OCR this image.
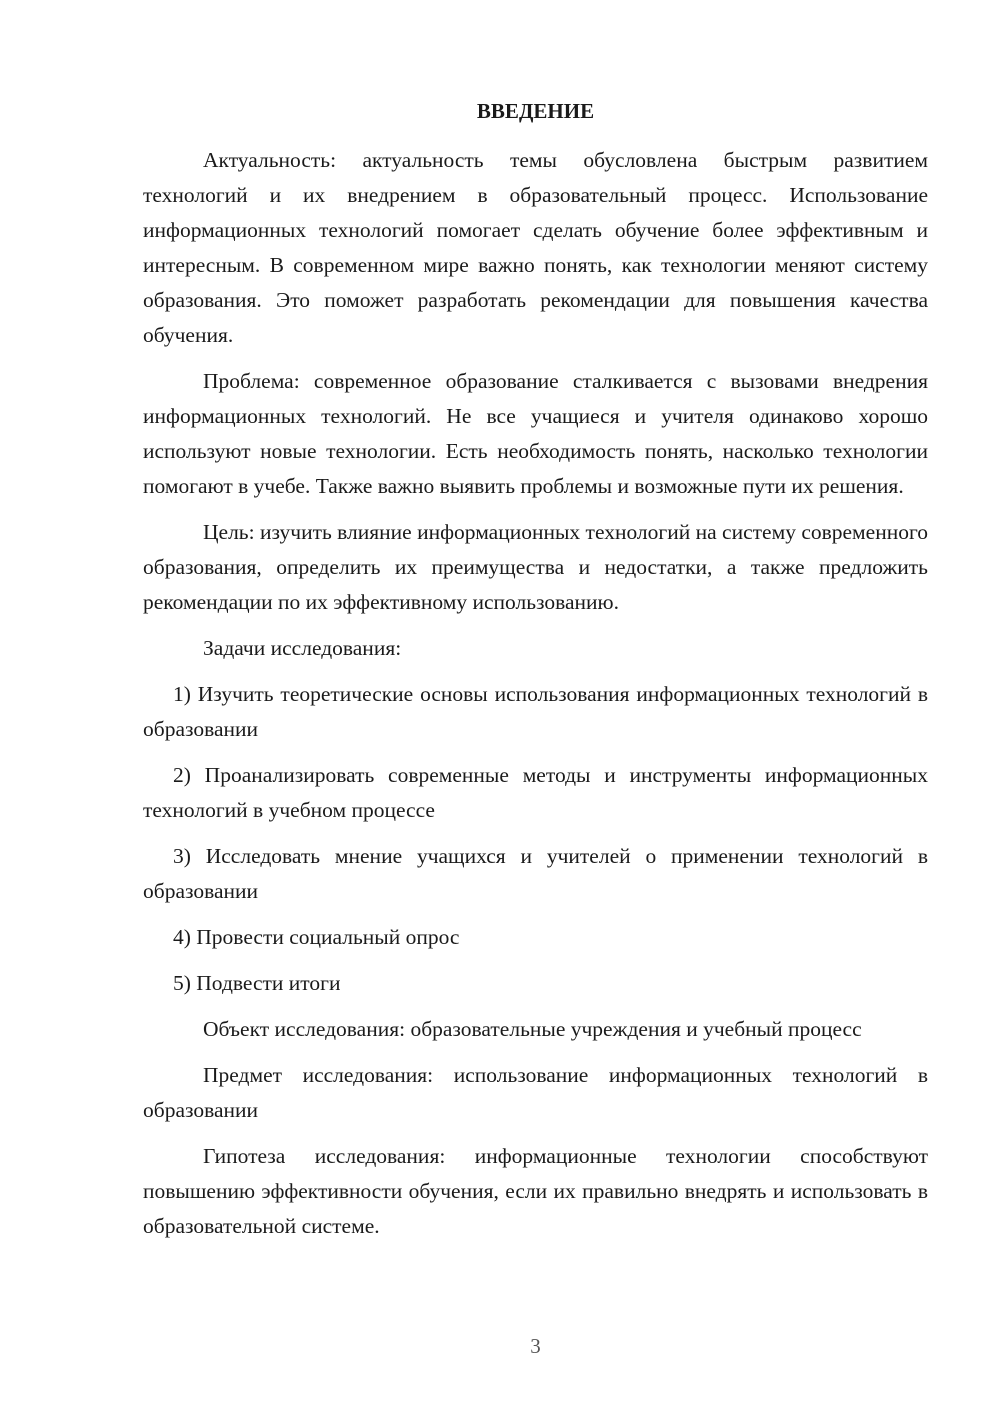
ВВЕДЕНИЕ

Актуальность: актуальность темы обусловлена быстрым развитием технологий и их внедрением в образовательный процесс. Использование информационных технологий помогает сделать обучение более эффективным и интересным. В современном мире важно понять, как технологии меняют систему образования. Это поможет разработать рекомендации для повышения качества обучения.

Проблема: современное образование сталкивается с вызовами внедрения информационных технологий. Не все учащиеся и учителя одинаково хорошо используют новые технологии. Есть необходимость понять, насколько технологии помогают в учебе. Также важно выявить проблемы и возможные пути их решения.

Цель: изучить влияние информационных технологий на систему современного образования, определить их преимущества и недостатки, а также предложить рекомендации по их эффективному использованию.

Задачи исследования:

1) Изучить теоретические основы использования информационных технологий в образовании

2) Проанализировать современные методы и инструменты информационных технологий в учебном процессе

3) Исследовать мнение учащихся и учителей о применении технологий в образовании

4) Провести социальный опрос

5) Подвести итоги

Объект исследования: образовательные учреждения и учебный процесс

Предмет исследования: использование информационных технологий в образовании

Гипотеза исследования: информационные технологии способствуют повышению эффективности обучения, если их правильно внедрять и использовать в образовательной системе.

3
